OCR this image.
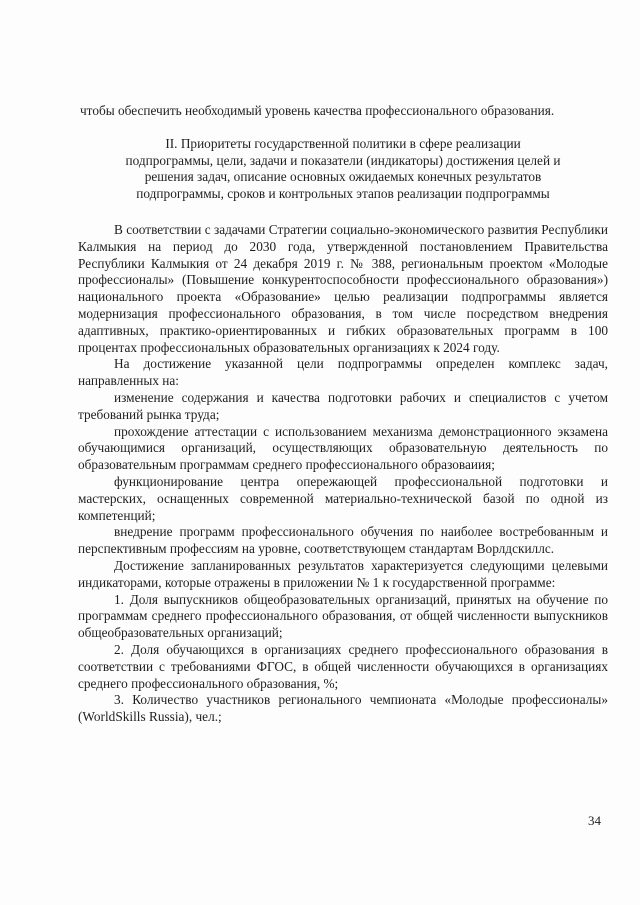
чтобы обеспечить необходимый уровень качества профессионального образования.

II. Приоритеты государственной политики в сфере реализации
подпрограммы, цели, задачи и показатели (индикаторы) достижения целей и
решения задач, описание основных ожидаемых конечных результатов
подпрограммы, сроков и контрольных этапов реализации подпрограммы

В соответствии с задачами Стратегии социально-экономического развития Республики Калмыкия на период до 2030 года, утвержденной постановлением Правительства Республики Калмыкия от 24 декабря 2019 г. № 388, региональным проектом «Молодые профессионалы» (Повышение конкурентоспособности профессионального образования») национального проекта «Образование» целью реализации подпрограммы является модернизация профессионального образования, в том числе посредством внедрения адаптивных, практико-ориентированных и гибких образовательных программ в 100 процентах профессиональных образовательных организациях к 2024 году.

На достижение указанной цели подпрограммы определен комплекс задач, направленных на:

изменение содержания и качества подготовки рабочих и специалистов с учетом требований рынка труда;

прохождение аттестации с использованием механизма демонстрационного экзамена обучающимися организаций, осуществляющих образовательную деятельность по образовательным программам среднего профессионального образоваиия;

функционирование центра опережающей профессиональной подготовки и мастерских, оснащенных современной материально-технической базой по одной из компетенций;

внедрение программ профессионального обучения по наиболее востребованным и перспективным профессиям на уровне, соответствующем стандартам Ворлдскиллс.

Достижение запланированных результатов характеризуется следующими целевыми индикаторами, которые отражены в приложении № 1 к государственной программе:

1. Доля выпускников общеобразовательных организаций, принятых на обучение по программам среднего профессионального образования, от общей численности выпускников общеобразовательных организаций;

2. Доля обучающихся в организациях среднего профессионального образования в соответствии с требованиями ФГОС, в общей численности обучающихся в организациях среднего профессионального образования, %;

3. Количество участников регионального чемпионата «Молодые профессионалы» (WorldSkills Russia), чел.;

34
